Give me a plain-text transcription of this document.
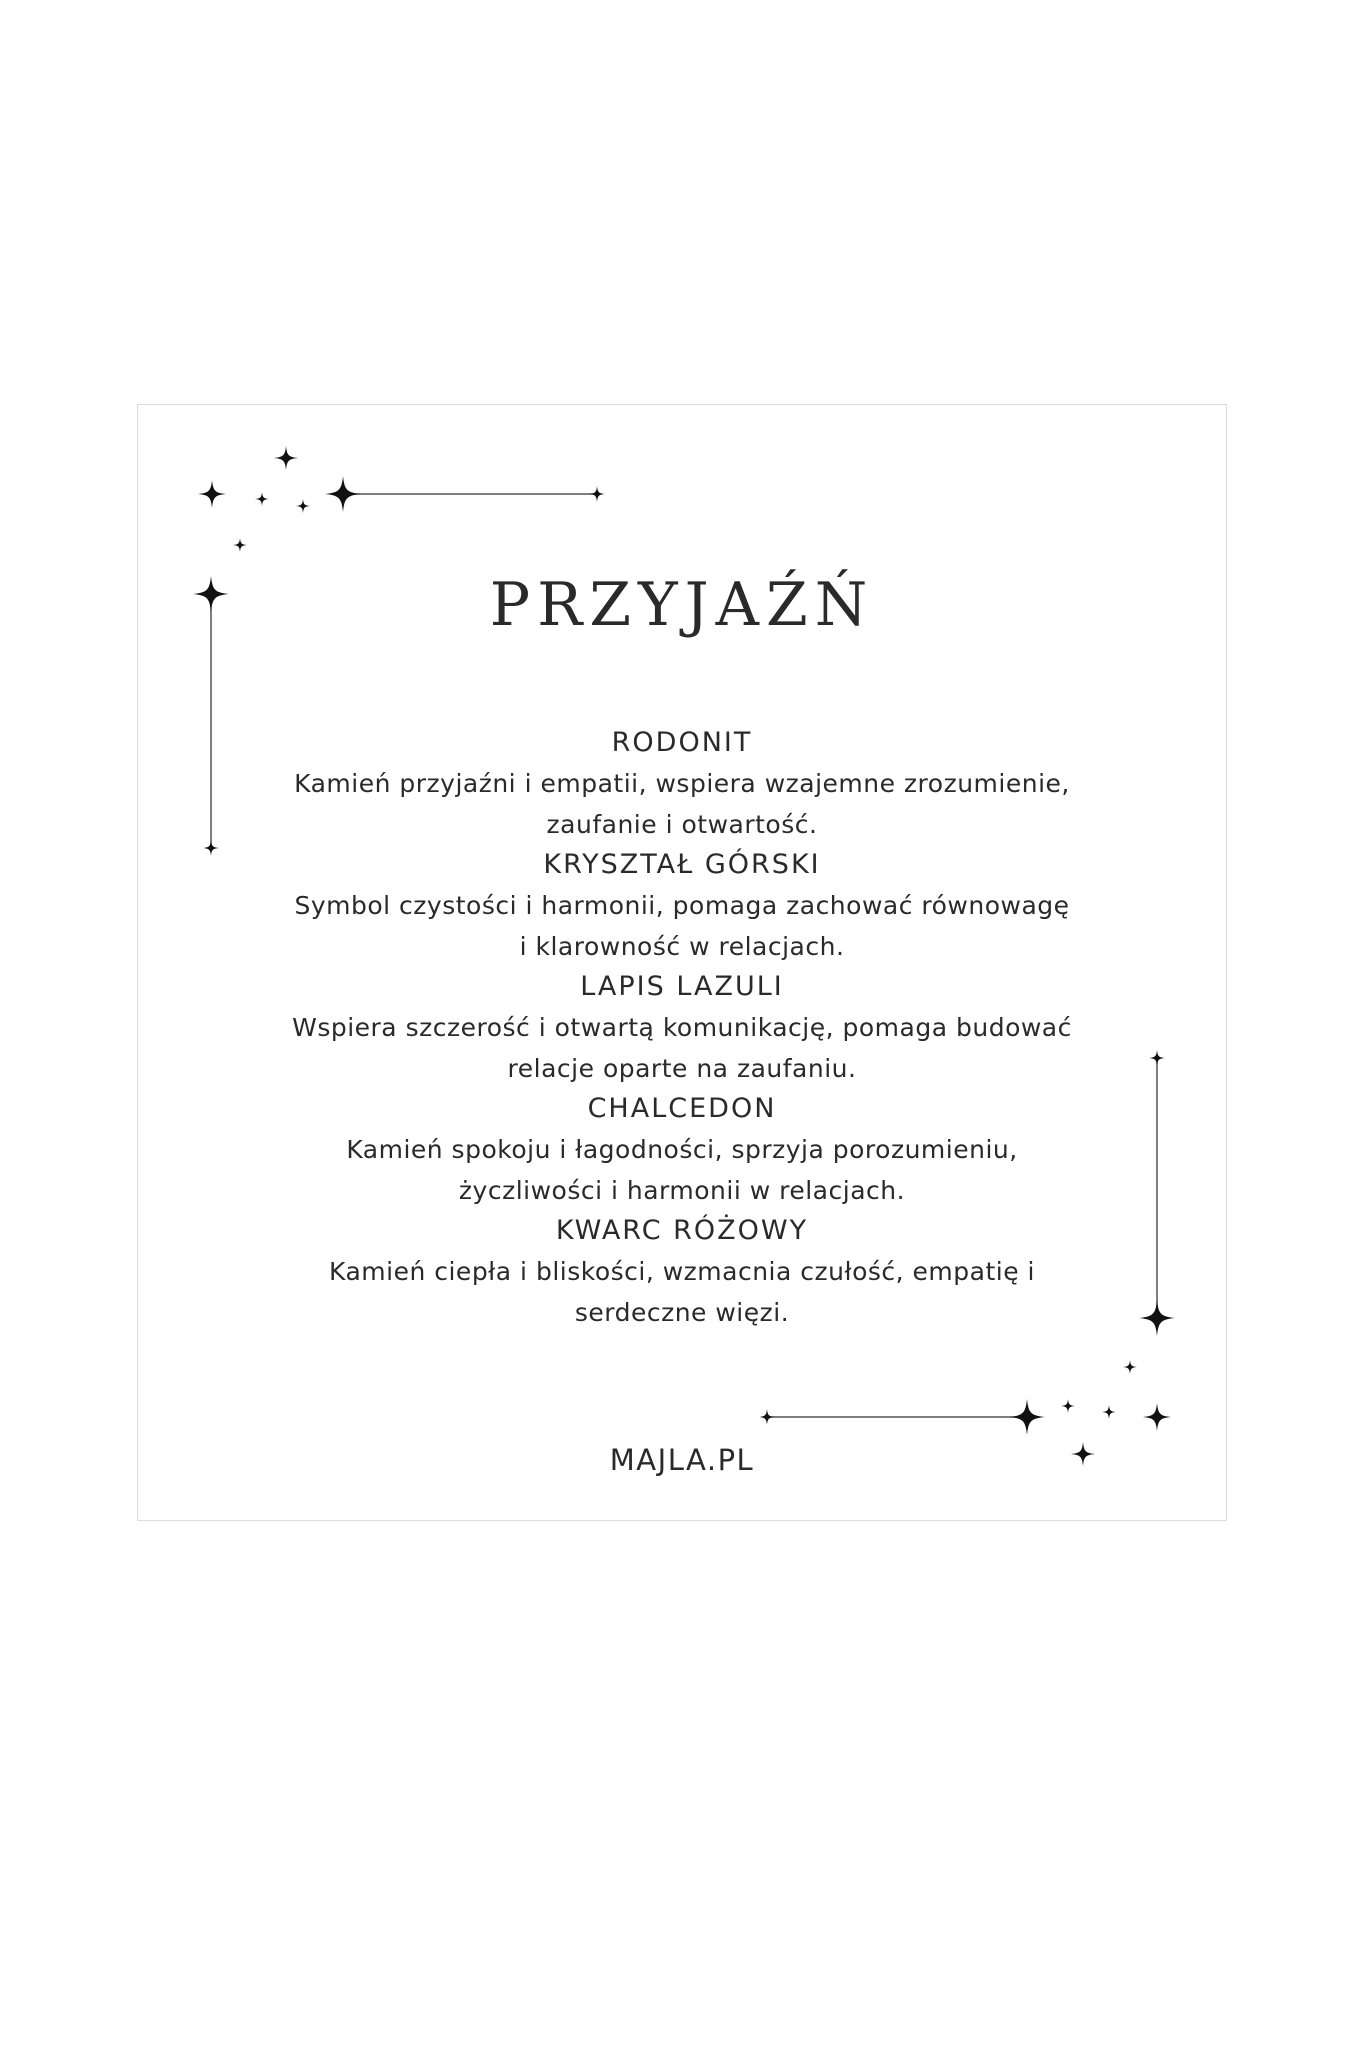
PRZYJAŹŃ
RODONIT
Kamień przyjaźni i empatii, wspiera wzajemne zrozumienie, zaufanie i otwartość.
KRYSZTAŁ GÓRSKI
Symbol czystości i harmonii, pomaga zachować równowagę i klarowność w relacjach.
LAPIS LAZULI
Wspiera szczerość i otwartą komunikację, pomaga budować relacje oparte na zaufaniu.
CHALCEDON
Kamień spokoju i łagodności, sprzyja porozumieniu, życzliwości i harmonii w relacjach.
KWARC RÓŻOWY
Kamień ciepła i bliskości, wzmacnia czułość, empatię i serdeczne więzi.
MAJLA.PL
